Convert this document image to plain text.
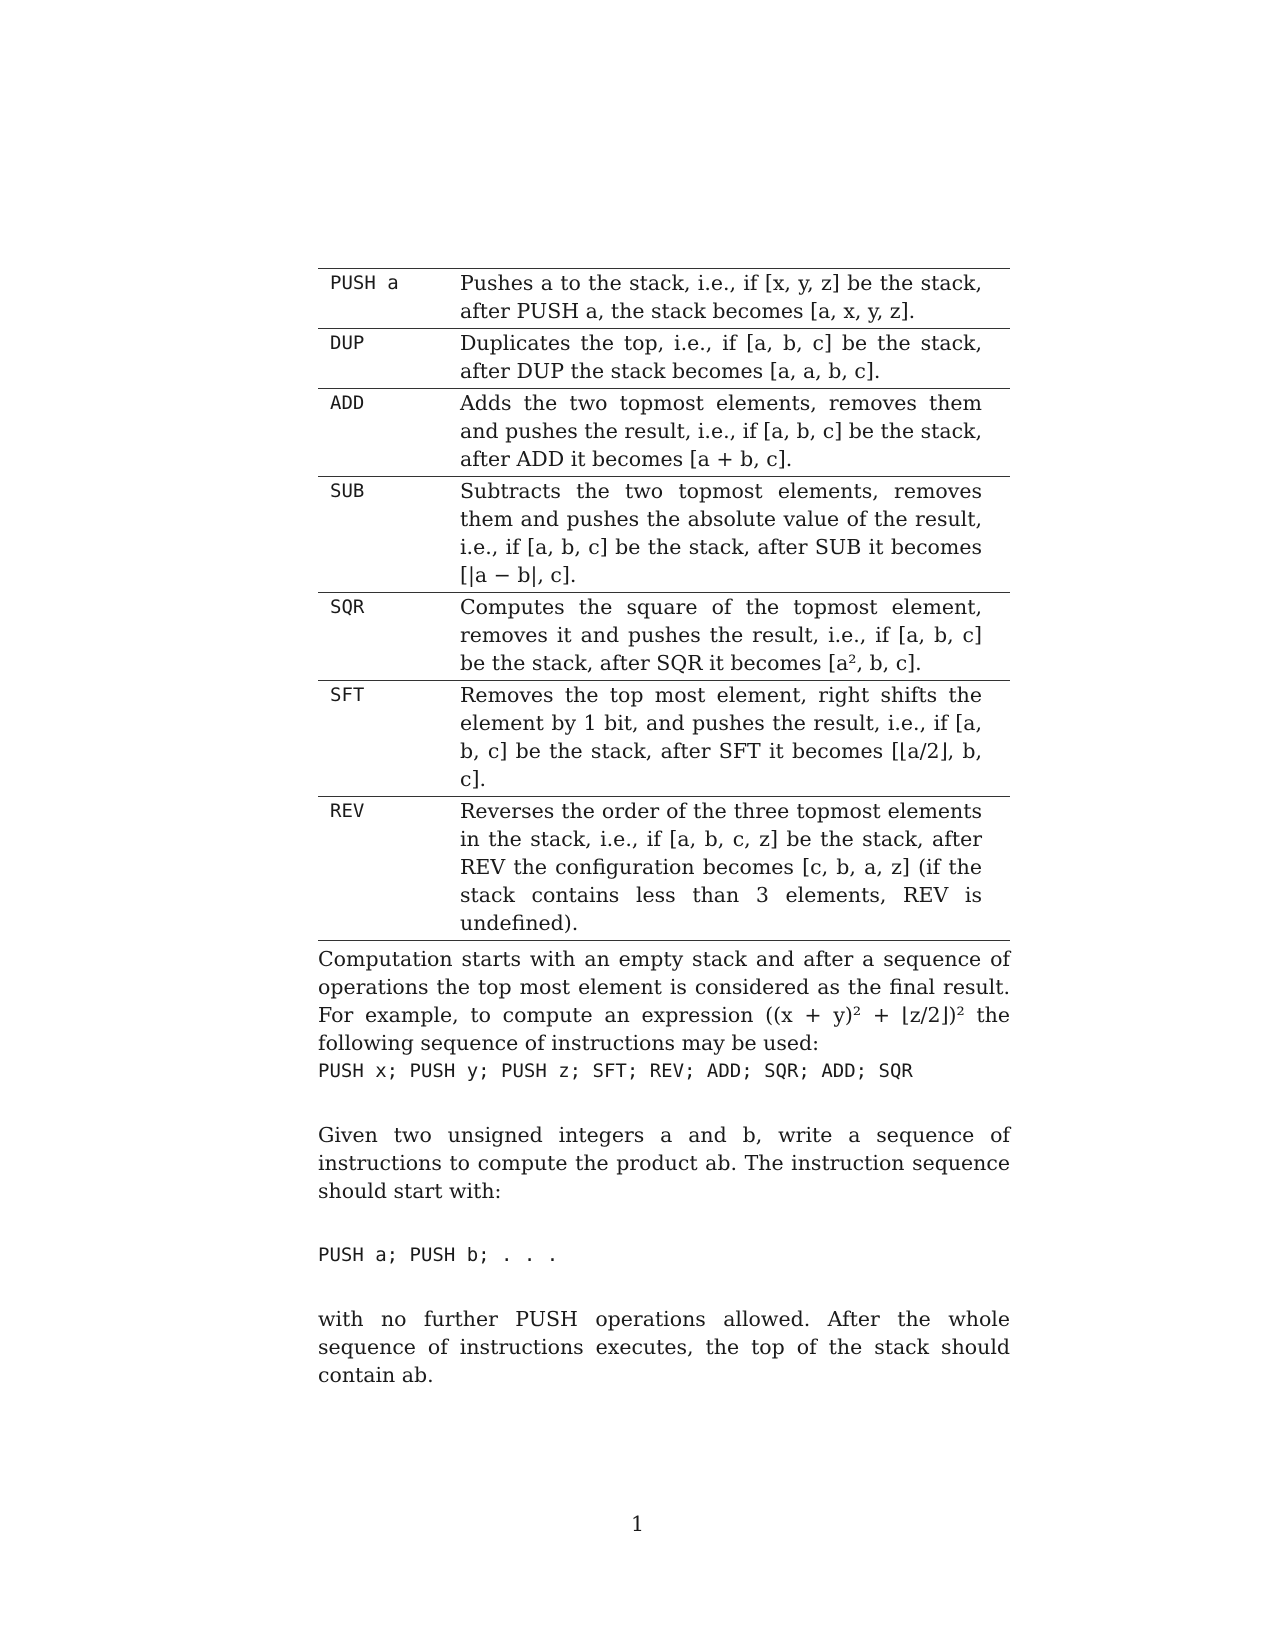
PUSH a	Pushes a to the stack, i.e., if [x, y, z] be the stack, after PUSH a, the stack becomes [a, x, y, z].
DUP	Duplicates the top, i.e., if [a, b, c] be the stack, after DUP the stack becomes [a, a, b, c].
ADD	Adds the two topmost elements, removes them and pushes the result, i.e., if [a, b, c] be the stack, after ADD it becomes [a + b, c].
SUB	Subtracts the two topmost elements, removes them and pushes the absolute value of the result, i.e., if [a, b, c] be the stack, after SUB it becomes [|a − b|, c].
SQR	Computes the square of the topmost element, removes it and pushes the result, i.e., if [a, b, c] be the stack, after SQR it becomes [a², b, c].
SFT	Removes the top most element, right shifts the element by 1 bit, and pushes the result, i.e., if [a, b, c] be the stack, after SFT it becomes [⌊a/2⌋, b, c].
REV	Reverses the order of the three topmost elements in the stack, i.e., if [a, b, c, z] be the stack, after REV the configuration becomes [c, b, a, z] (if the stack contains less than 3 elements, REV is undefined).

Computation starts with an empty stack and after a sequence of operations the top most element is considered as the final result. For example, to compute an expression ((x + y)² + ⌊z/2⌋)² the following sequence of instructions may be used:

PUSH x; PUSH y; PUSH z; SFT; REV; ADD; SQR; ADD; SQR

Given two unsigned integers a and b, write a sequence of instructions to compute the product ab. The instruction sequence should start with:

PUSH a; PUSH b; . . .

with no further PUSH operations allowed. After the whole sequence of instructions executes, the top of the stack should contain ab.

1
